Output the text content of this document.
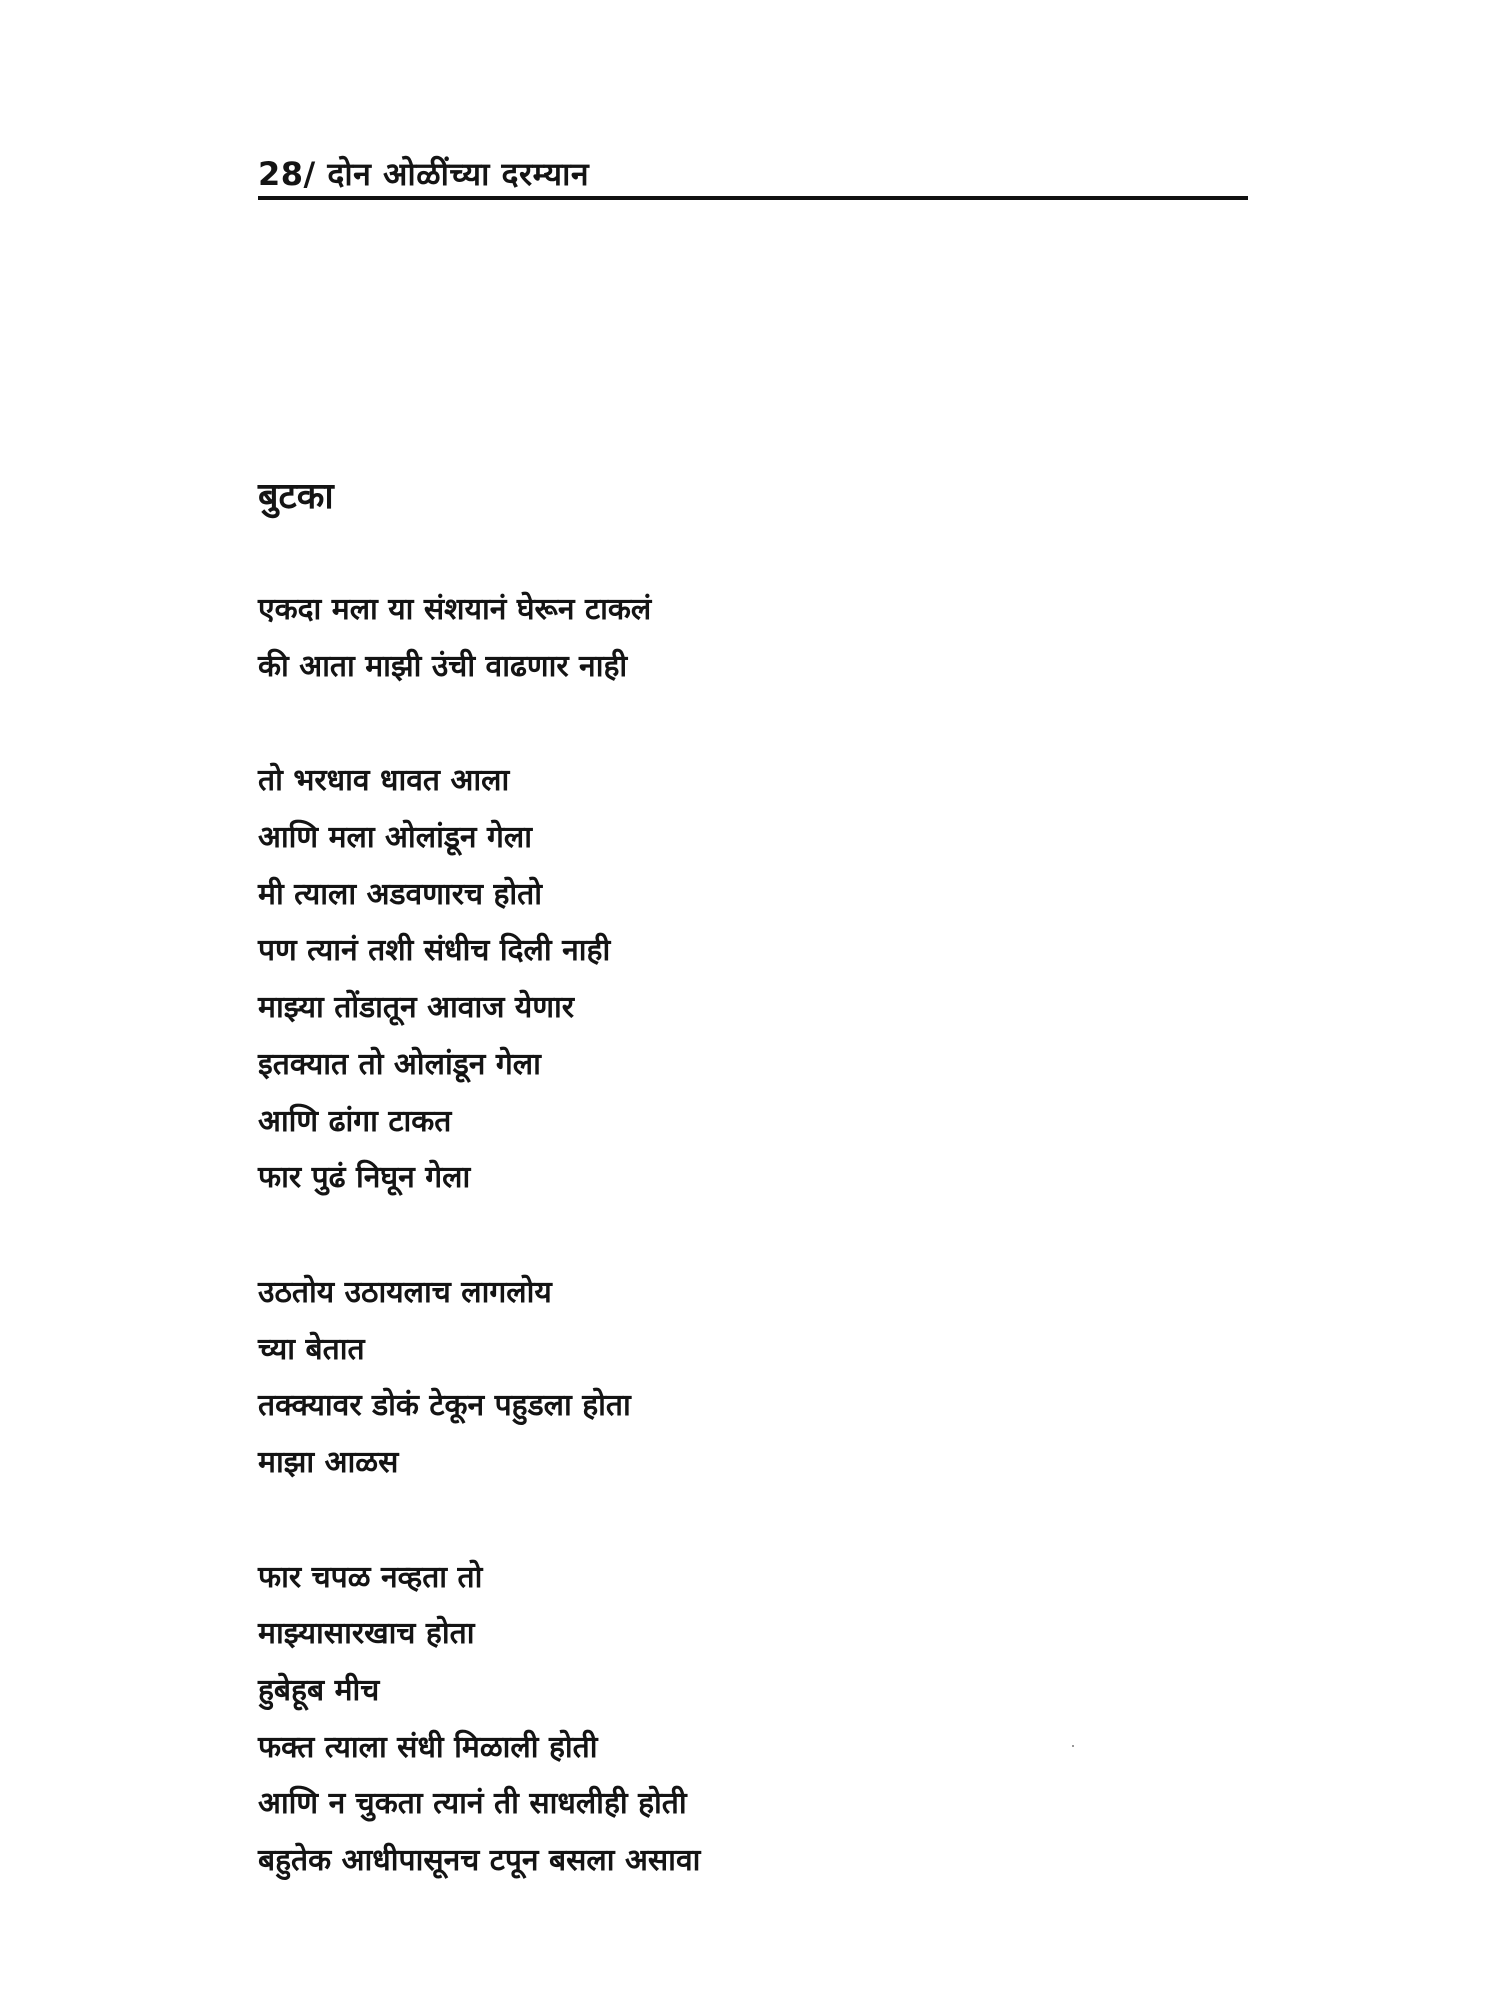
28/ दोन ओळींच्या दरम्यान
बुटका
एकदा मला या संशयानं घेरून टाकलं
की आता माझी उंची वाढणार नाही
तो भरधाव धावत आला
आणि मला ओलांडून गेला
मी त्याला अडवणारच होतो
पण त्यानं तशी संधीच दिली नाही
माझ्या तोंडातून आवाज येणार
इतक्यात तो ओलांडून गेला
आणि ढांगा टाकत
फार पुढं निघून गेला
उठतोय उठायलाच लागलोय
च्या बेतात
तक्क्यावर डोकं टेकून पहुडला होता
माझा आळस
फार चपळ नव्हता तो
माझ्यासारखाच होता
हुबेहूब मीच
फक्त त्याला संधी मिळाली होती
आणि न चुकता त्यानं ती साधलीही होती
बहुतेक आधीपासूनच टपून बसला असावा
